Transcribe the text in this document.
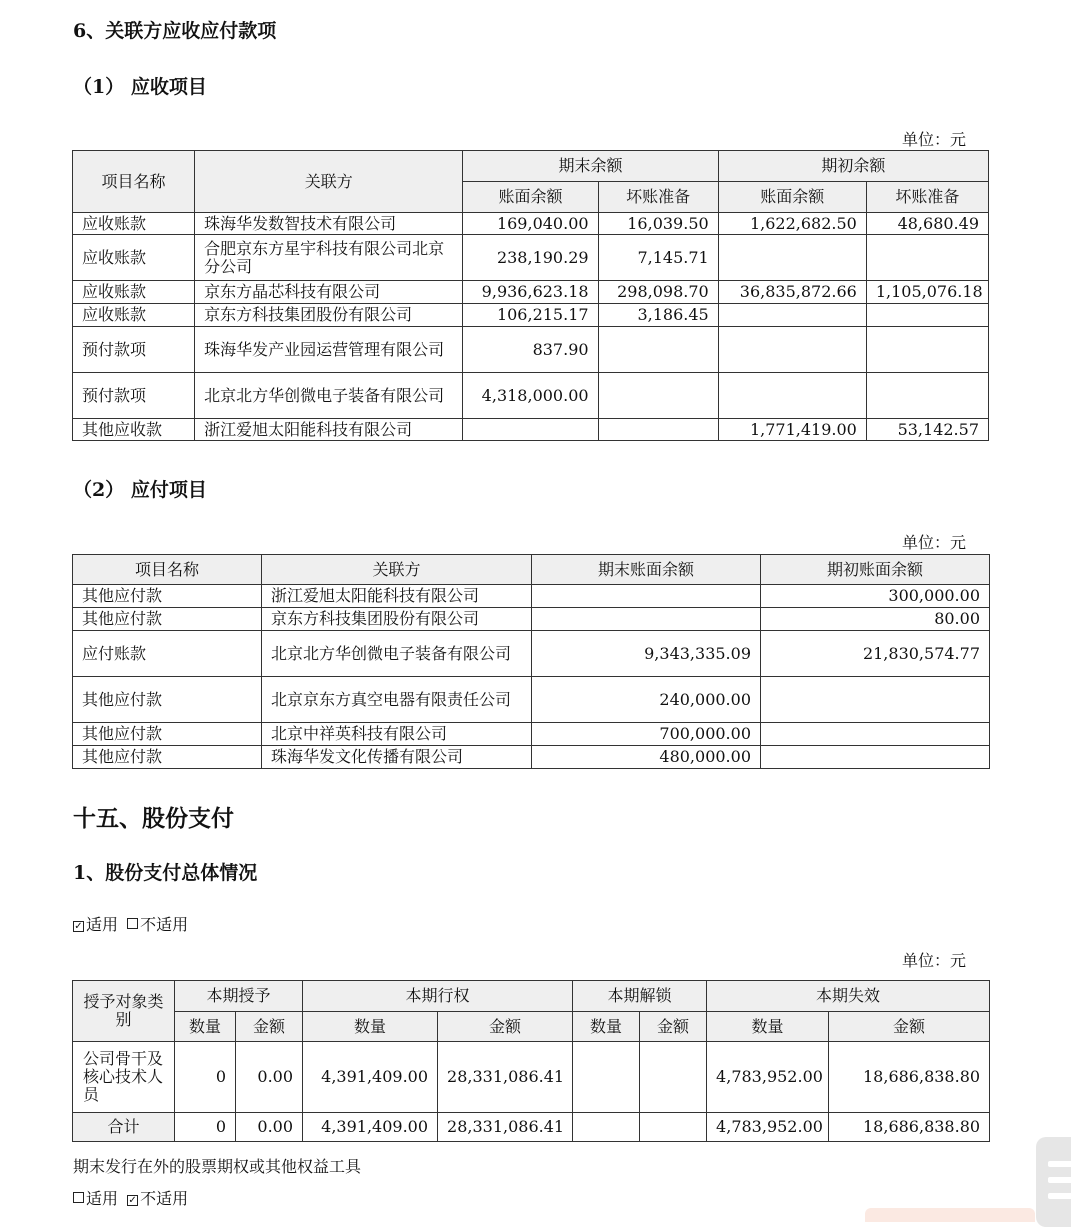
6、关联方应收应付款项
（1） 应收项目
单位：元
项目名称	关联方	期末余额		期初余额	
		账面余额	坏账准备	账面余额	坏账准备
应收账款	珠海华发数智技术有限公司	169,040.00	16,039.50	1,622,682.50	48,680.49
应收账款	合肥京东方星宇科技有限公司北京分公司	238,190.29	7,145.71		
应收账款	京东方晶芯科技有限公司	9,936,623.18	298,098.70	36,835,872.66	1,105,076.18
应收账款	京东方科技集团股份有限公司	106,215.17	3,186.45		
预付款项	珠海华发产业园运营管理有限公司	837.90			
预付款项	北京北方华创微电子装备有限公司	4,318,000.00			
其他应收款	浙江爱旭太阳能科技有限公司			1,771,419.00	53,142.57
（2） 应付项目
单位：元
项目名称	关联方	期末账面余额	期初账面余额
其他应付款	浙江爱旭太阳能科技有限公司		300,000.00
其他应付款	京东方科技集团股份有限公司		80.00
应付账款	北京北方华创微电子装备有限公司	9,343,335.09	21,830,574.77
其他应付款	北京京东方真空电器有限责任公司	240,000.00	
其他应付款	北京中祥英科技有限公司	700,000.00	
其他应付款	珠海华发文化传播有限公司	480,000.00	
十五、股份支付
1、股份支付总体情况
✓ 适用 不适用
单位：元
授予对象类别	本期授予		本期行权		本期解锁		本期失效	
	数量	金额	数量	金额	数量	金额	数量	金额
公司骨干及核心技术人员	0	0.00	4,391,409.00	28,331,086.41			4,783,952.00	18,686,838.80
合计	0	0.00	4,391,409.00	28,331,086.41			4,783,952.00	18,686,838.80
期末发行在外的股票期权或其他权益工具
适用 ✓ 不适用
